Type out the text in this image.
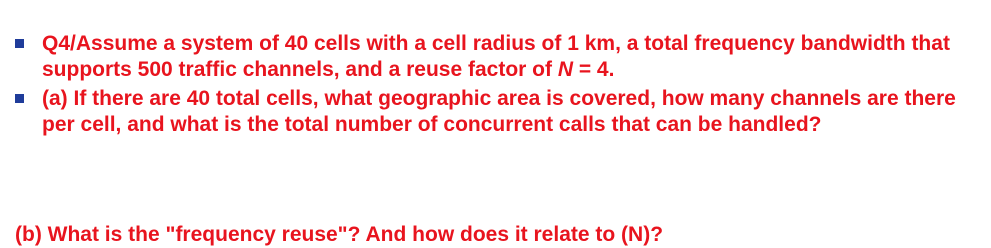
Q4/Assume a system of 40 cells with a cell radius of 1 km, a total frequency bandwidth that supports 500 traffic channels, and a reuse factor of N = 4.
(a) If there are 40 total cells, what geographic area is covered, how many channels are there per cell, and what is the total number of concurrent calls that can be handled?

(b) What is the "frequency reuse"? And how does it relate to (N)?
